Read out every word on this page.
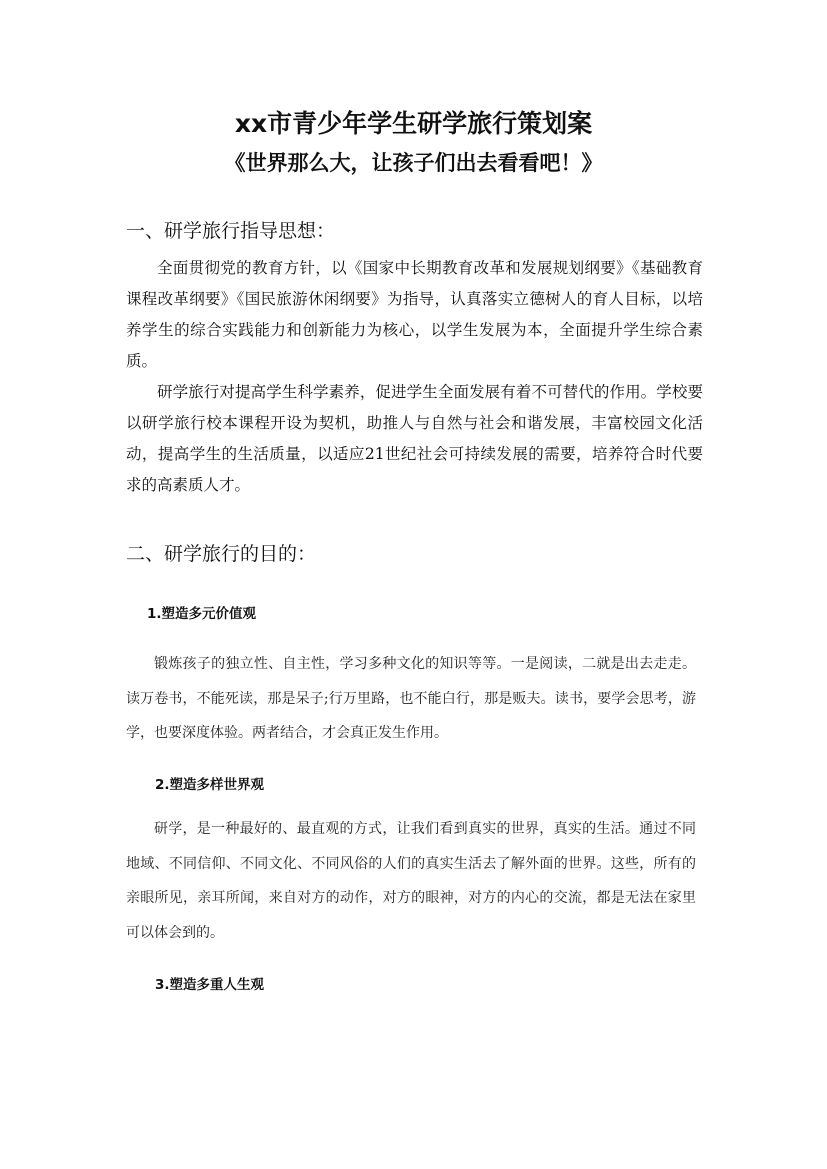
xx市青少年学生研学旅行策划案
《世界那么大，让孩子们出去看看吧！》
一、研学旅行指导思想：

全面贯彻党的教育方针，以《国家中长期教育改革和发展规划纲要》《基础教育课程改革纲要》《国民旅游休闲纲要》为指导，认真落实立德树人的育人目标，以培养学生的综合实践能力和创新能力为核心，以学生发展为本，全面提升学生综合素质。

研学旅行对提高学生科学素养，促进学生全面发展有着不可替代的作用。学校要以研学旅行校本课程开设为契机，助推人与自然与社会和谐发展，丰富校园文化活动，提高学生的生活质量，以适应21世纪社会可持续发展的需要，培养符合时代要求的高素质人才。

二、研学旅行的目的：
1.塑造多元价值观

锻炼孩子的独立性、自主性，学习多种文化的知识等等。一是阅读，二就是出去走走。读万卷书，不能死读，那是呆子;行万里路，也不能白行，那是贩夫。读书，要学会思考，游学，也要深度体验。两者结合，才会真正发生作用。

2.塑造多样世界观

研学，是一种最好的、最直观的方式，让我们看到真实的世界，真实的生活。通过不同地域、不同信仰、不同文化、不同风俗的人们的真实生活去了解外面的世界。这些，所有的亲眼所见，亲耳所闻，来自对方的动作，对方的眼神，对方的内心的交流，都是无法在家里可以体会到的。

3.塑造多重人生观
